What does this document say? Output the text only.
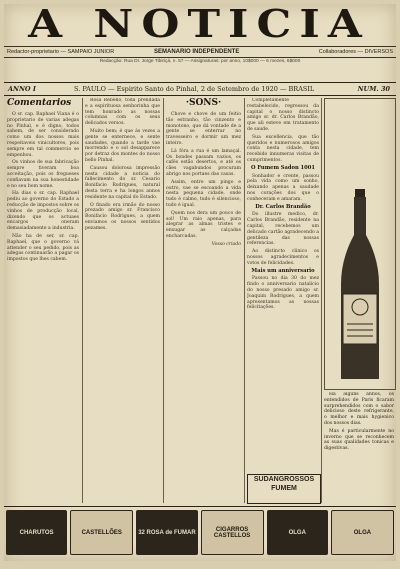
A NOTICIA
Redactor-proprietario — SAMPAIO JUNIOR	SEMANARIO INDEPENDENTE	Collaboradores — DIVERSOS
Redacção: Rua Dr. Jorge Tibiriçá, n. 57 — Assignaturas: por anno, 10$000 — 6 mezes, 6$000
ANNO I	S. PAULO — Espirito Santo do Pinhal, 2 de Setembro de 1920 — BRASIL	NUM. 30
Comentarios

O sr. cap. Raphael Viana é o proprietario de varias adegas no Pinhal, e é digno, todos sabem, de ser considerado como um dos nossos mais respeitaveis vinicultores, pois sempre em tal commercio se empenhou.

Os vinhos de sua fabricação sempre tiveram boa acceitação, pois os fregueses confiavam na sua honestidade e no seu bom nome.

Ha dias o sr. cap. Raphael pediu ao governo do Estado a reducção de impostos sobre os vinhos de producção local, dizendo que os actuaes encargos oneram demasiadamente a industria.

Não ha de ser, sr. cap. Raphael, que o governo vá attender o seu pedido, pois as adegas continuarão a pagar os impostos que lhes cabem.

Rosa Rebello, toda prendada e a espirituosa senhorinha que tem honrado as nossas columnas com os seus delicados versos.

Muito bem; é que ás vezes a gente se enternece, e sente saudades, quando a tarde vae morrendo e o sol desapparece por detraz dos montes do nosso bello Pinhal.

Causou dolorosa impressão nesta cidade a noticia do fallecimento do sr. Cesario Bonifacio Rodrigues, natural desta terra e ha longos annos residente na capital do Estado.

O finado era irmão do nosso prezado amigo sr. Francisco Bonifacio Rodrigues, a quem enviamos os nossos sentidos pezames.

·SONS·

Chove e chove de um feitio tão estranho, tão cinzento e monotono, que dá vontade de a gente se enterrar no travesseiro e dormir um mez inteiro.

Lá fóra a rua é um lamaçal. Os bondes passam vazios, os cafés estão desertos, e até os cães vagabundos procuram abrigo nos portaes das casas.

Assim, entre um pingo e outro, vae se escoando a vida nesta pequena cidade, onde tudo é calmo, tudo é silencioso, tudo é igual.

Quem nos dera um pouco de sol! Um raio apenas, para alegrar as almas tristes e enxugar as calçadas encharcadas.

Vosso criado

Completamente restabelecido, regressou da capital o nosso distincto amigo sr. dr. Carlos Brandão, que ali esteve em tratamento de saude.

Sua excellencia, que tão queridos e numerosos amigos conta nesta cidade, tem recebido innumeras visitas de cumprimentos.

O Fumem Sadon 1001

Sonhador e crente, passou pela vida como um sonho, deixando apenas a saudade nos corações dos que o conheceram e amaram.

Dr. Carlos Brandão

Do illustre medico, dr. Carlos Brandão, residente na capital, recebemos um delicado cartão agradecendo a gentileza das nossas referencias.

Ao distincto clinico os nossos agradecimentos e votos de felicidades.

Mais um anniversario

Passou no dia 30 do mez findo o anniversario natalicio do nosso presado amigo sr. Joaquim Rodrigues, a quem apresentamos as nossas felicitações.

SUDANGROSSOS
FUMEM

Ha alguns annos, os entendidos de Paris ficaram surprehendidos com o sabor delicioso deste refrigerante, o melhor e mais hygienico dos nossos dias.

Mas é particularmente no inverno que se reconhecem as suas qualidades tonicas e digestivas.

CHARUTOS	CASTELLÕES	32 ROSA de FUMAR	CIGARROS CASTELLOS	OLGA	OLGA
